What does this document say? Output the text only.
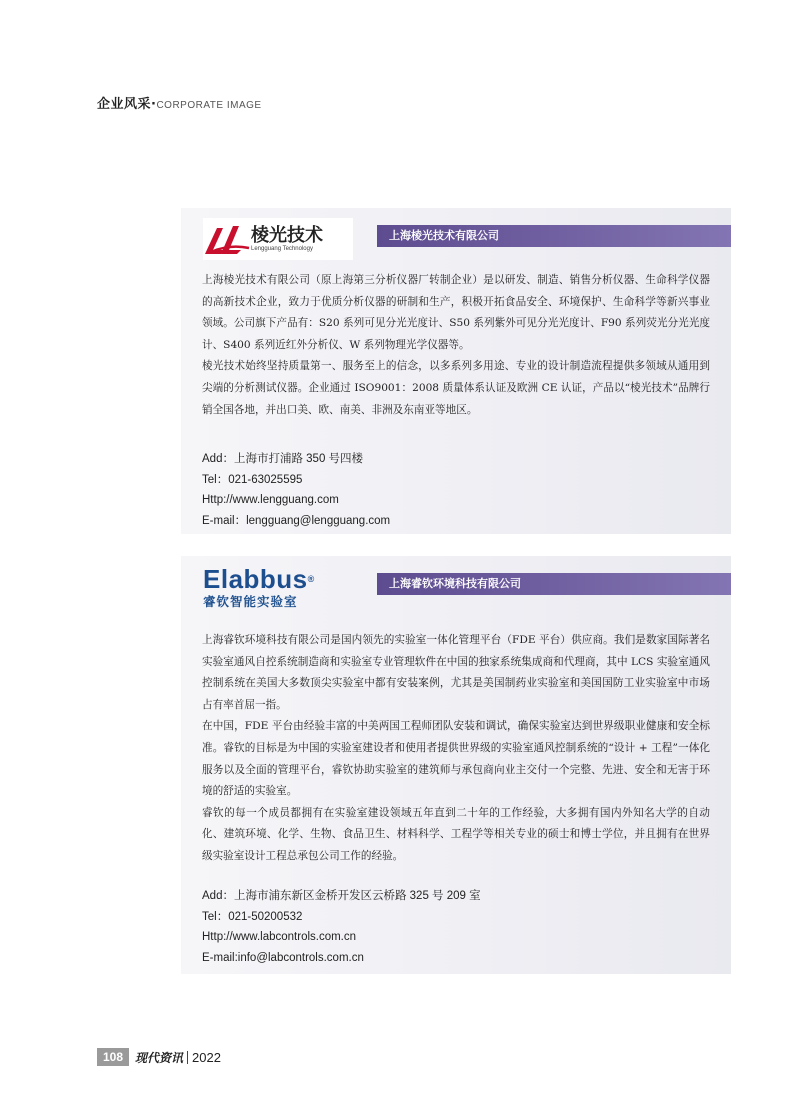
企业风采·CORPORATE IMAGE
棱光技术
Lengguang Technology
上海棱光技术有限公司

上海棱光技术有限公司（原上海第三分析仪器厂转制企业）是以研发、制造、销售分析仪器、生命科学仪器的高新技术企业，致力于优质分析仪器的研制和生产，积极开拓食品安全、环境保护、生命科学等新兴事业领域。公司旗下产品有：S20 系列可见分光光度计、S50 系列紫外可见分光光度计、F90 系列荧光分光光度计、S400 系列近红外分析仪、W 系列物理光学仪器等。

棱光技术始终坚持质量第一、服务至上的信念，以多系列多用途、专业的设计制造流程提供多领域从通用到尖端的分析测试仪器。企业通过 ISO9001：2008 质量体系认证及欧洲 CE 认证，产品以“棱光技术”品牌行销全国各地，并出口美、欧、南美、非洲及东南亚等地区。

Add：上海市打浦路 350 号四楼
Tel：021-63025595
Http://www.lengguang.com
E-mail：lengguang@lengguang.com
Elabbus®
睿钦智能实验室
上海睿钦环境科技有限公司

上海睿钦环境科技有限公司是国内领先的实验室一体化管理平台（FDE 平台）供应商。我们是数家国际著名实验室通风自控系统制造商和实验室专业管理软件在中国的独家系统集成商和代理商，其中 LCS 实验室通风控制系统在美国大多数顶尖实验室中都有安装案例，尤其是美国制药业实验室和美国国防工业实验室中市场占有率首屈一指。

在中国，FDE 平台由经验丰富的中美两国工程师团队安装和调试，确保实验室达到世界级职业健康和安全标准。睿钦的目标是为中国的实验室建设者和使用者提供世界级的实验室通风控制系统的“设计 + 工程”一体化服务以及全面的管理平台，睿钦协助实验室的建筑师与承包商向业主交付一个完整、先进、安全和无害于环境的舒适的实验室。

睿钦的每一个成员都拥有在实验室建设领域五年直到二十年的工作经验，大多拥有国内外知名大学的自动化、建筑环境、化学、生物、食品卫生、材料科学、工程学等相关专业的硕士和博士学位，并且拥有在世界级实验室设计工程总承包公司工作的经验。

Add：上海市浦东新区金桥开发区云桥路 325 号 209 室
Tel：021-50200532
Http://www.labcontrols.com.cn
E-mail:info@labcontrols.com.cn
108	现代资讯 2022
